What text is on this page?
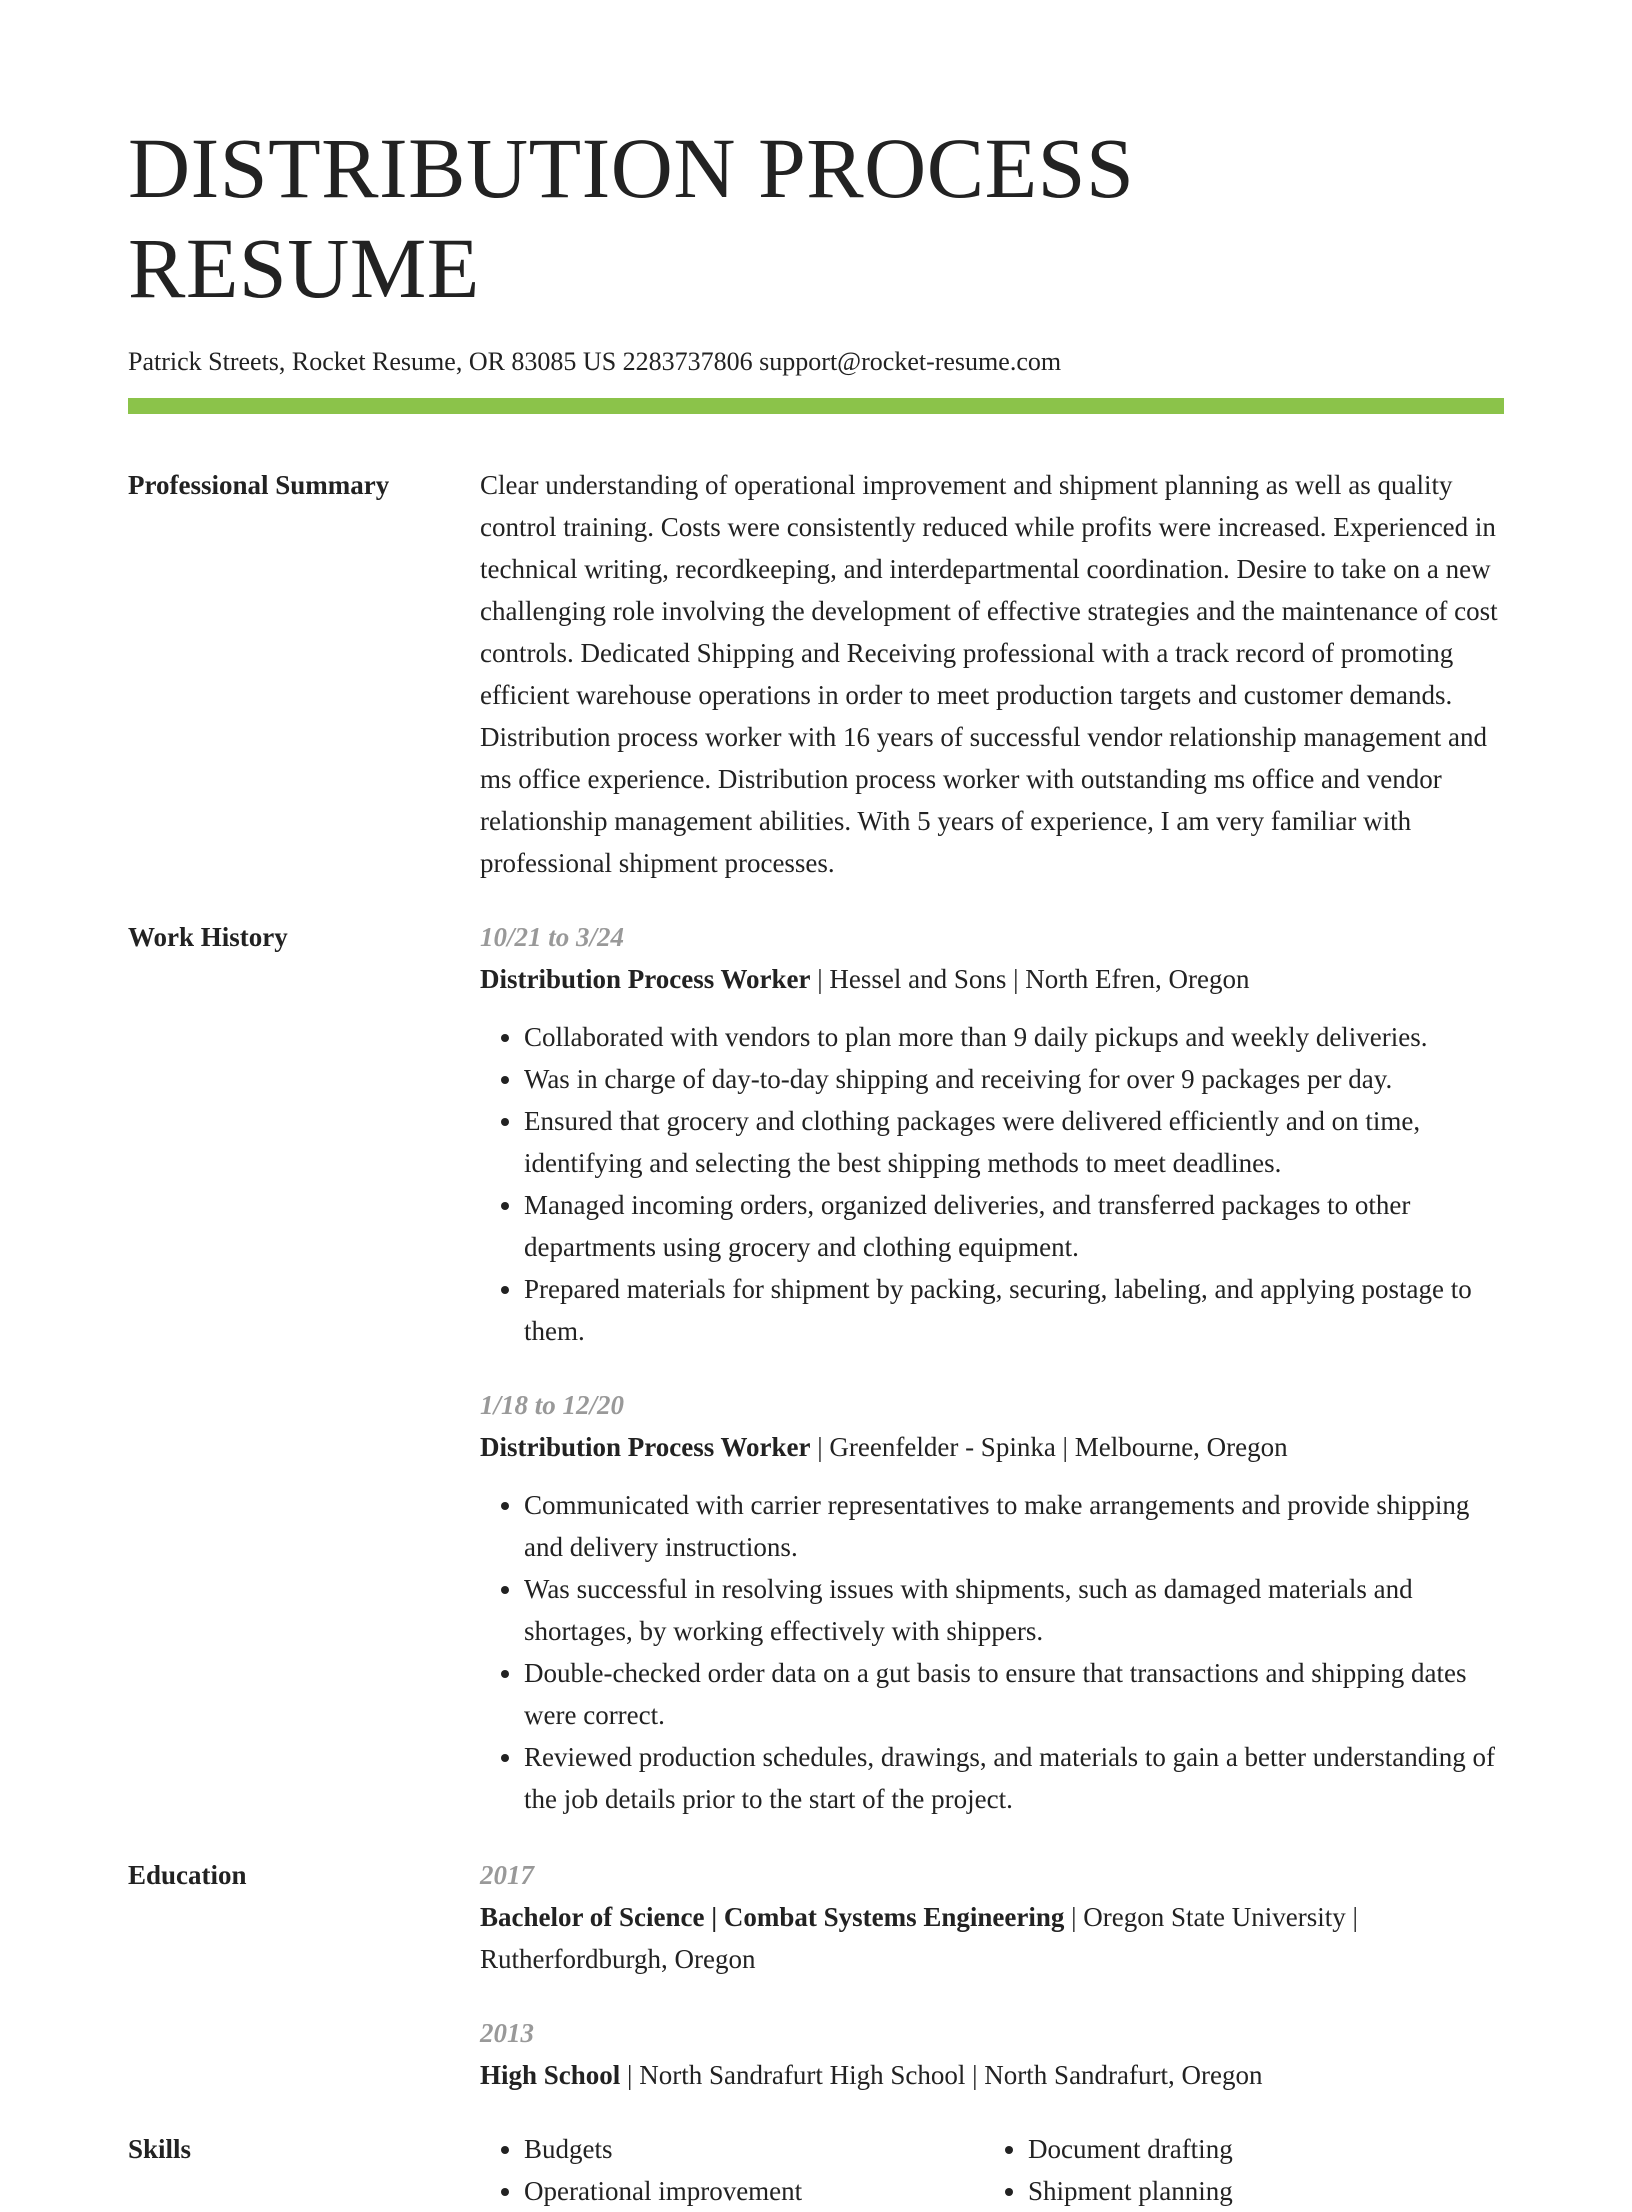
DISTRIBUTION PROCESS RESUME
Patrick Streets, Rocket Resume, OR 83085 US 2283737806 support@rocket-resume.com
Professional Summary	Clear understanding of operational improvement and shipment planning as well as quality control training. Costs were consistently reduced while profits were increased. Experienced in technical writing, recordkeeping, and interdepartmental coordination. Desire to take on a new challenging role involving the development of effective strategies and the maintenance of cost controls. Dedicated Shipping and Receiving professional with a track record of promoting efficient warehouse operations in order to meet production targets and customer demands. Distribution process worker with 16 years of successful vendor relationship management and ms office experience. Distribution process worker with outstanding ms office and vendor relationship management abilities. With 5 years of experience, I am very familiar with professional shipment processes.

Work History	10/21 to 3/24
Distribution Process Worker | Hessel and Sons | North Efren, Oregon
• Collaborated with vendors to plan more than 9 daily pickups and weekly deliveries.
• Was in charge of day-to-day shipping and receiving for over 9 packages per day.
• Ensured that grocery and clothing packages were delivered efficiently and on time, identifying and selecting the best shipping methods to meet deadlines.
• Managed incoming orders, organized deliveries, and transferred packages to other departments using grocery and clothing equipment.
• Prepared materials for shipment by packing, securing, labeling, and applying postage to them.
1/18 to 12/20
Distribution Process Worker | Greenfelder - Spinka | Melbourne, Oregon
• Communicated with carrier representatives to make arrangements and provide shipping and delivery instructions.
• Was successful in resolving issues with shipments, such as damaged materials and shortages, by working effectively with shippers.
• Double-checked order data on a gut basis to ensure that transactions and shipping dates were correct.
• Reviewed production schedules, drawings, and materials to gain a better understanding of the job details prior to the start of the project.
Education	2017
Bachelor of Science | Combat Systems Engineering | Oregon State University | Rutherfordburgh, Oregon
2013
High School | North Sandrafurt High School | North Sandrafurt, Oregon
Skills
•	Budgets
• Operational improvement
• Document drafting
• Shipment planning
